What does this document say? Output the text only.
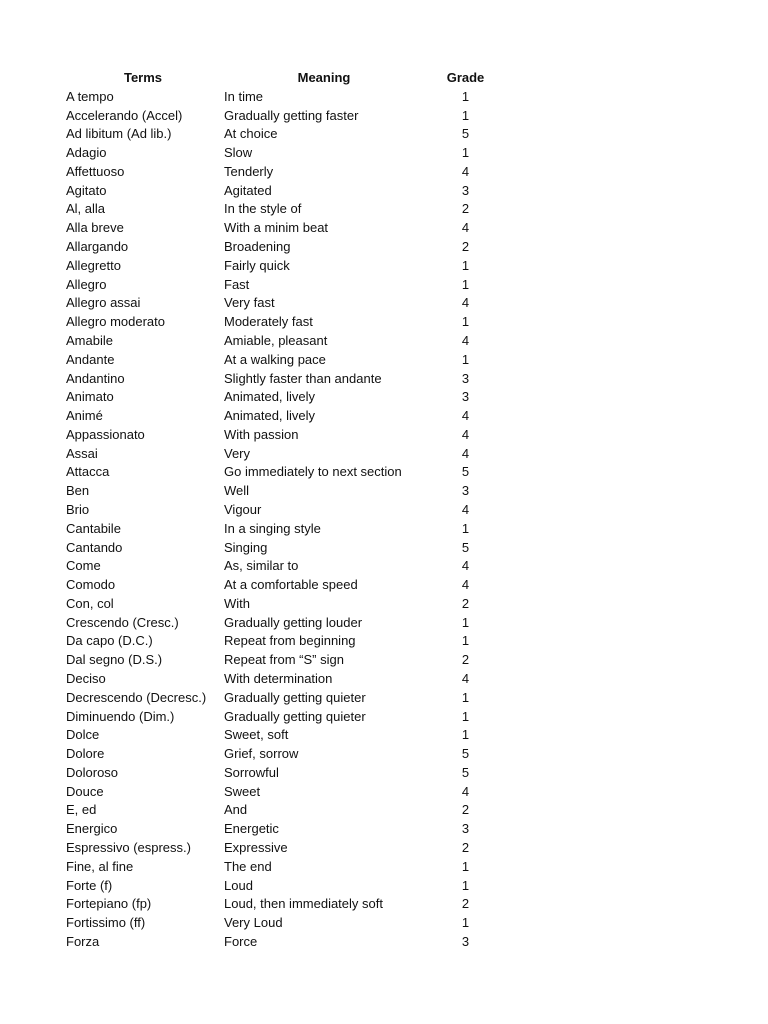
Terms	Meaning	Grade
A tempo	In time	1
Accelerando (Accel)	Gradually getting faster	1
Ad libitum (Ad lib.)	At choice	5
Adagio	Slow	1
Affettuoso	Tenderly	4
Agitato	Agitated	3
Al, alla	In the style of	2
Alla breve	With a minim beat	4
Allargando	Broadening	2
Allegretto	Fairly quick	1
Allegro	Fast	1
Allegro assai	Very fast	4
Allegro moderato	Moderately fast	1
Amabile	Amiable, pleasant	4
Andante	At a walking pace	1
Andantino	Slightly faster than andante	3
Animato	Animated, lively	3
Animé	Animated, lively	4
Appassionato	With passion	4
Assai	Very	4
Attacca	Go immediately to next section	5
Ben	Well	3
Brio	Vigour	4
Cantabile	In a singing style	1
Cantando	Singing	5
Come	As, similar to	4
Comodo	At a comfortable speed	4
Con, col	With	2
Crescendo (Cresc.)	Gradually getting louder	1
Da capo (D.C.)	Repeat from beginning	1
Dal segno (D.S.)	Repeat from “S” sign	2
Deciso	With determination	4
Decrescendo (Decresc.)	Gradually getting quieter	1
Diminuendo (Dim.)	Gradually getting quieter	1
Dolce	Sweet, soft	1
Dolore	Grief, sorrow	5
Doloroso	Sorrowful	5
Douce	Sweet	4
E, ed	And	2
Energico	Energetic	3
Espressivo (espress.)	Expressive	2
Fine, al fine	The end	1
Forte (f)	Loud	1
Fortepiano (fp)	Loud, then immediately soft	2
Fortissimo (ff)	Very Loud	1
Forza	Force	3
